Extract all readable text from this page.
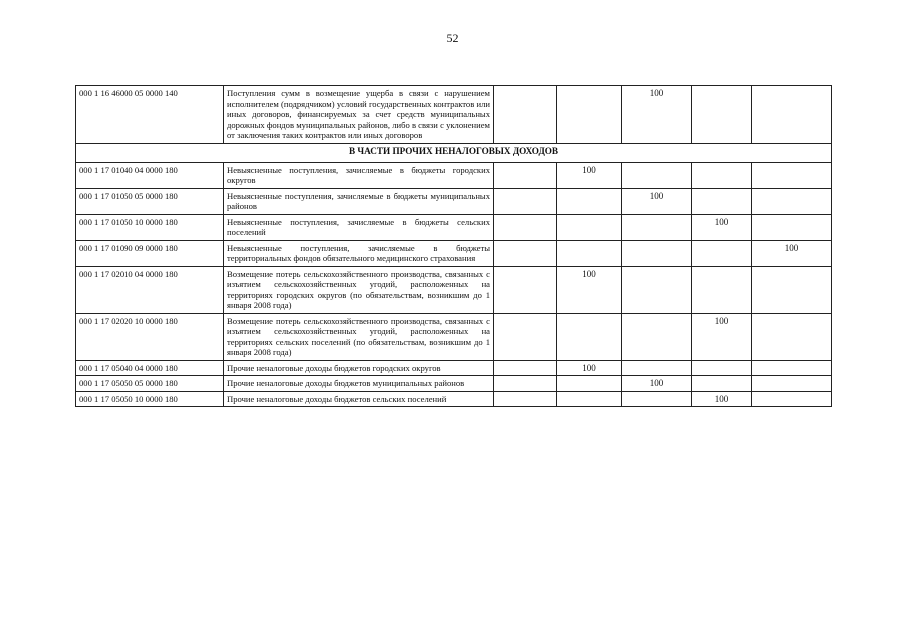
52
000 1 16 46000 05 0000 140	Поступления сумм в возмещение ущерба в связи с нарушением исполнителем (подрядчиком) условий государственных контрактов или иных договоров, финансируемых за счет средств муниципальных дорожных фондов муниципальных районов, либо в связи с уклонением от заключения таких контрактов или иных договоров			100		
В ЧАСТИ ПРОЧИХ НЕНАЛОГОВЫХ ДОХОДОВ						
000 1 17 01040 04 0000 180	Невыясненные поступления, зачисляемые в бюджеты городских округов		100			
000 1 17 01050 05 0000 180	Невыясненные поступления, зачисляемые в бюджеты муниципальных районов			100		
000 1 17 01050 10 0000 180	Невыясненные поступления, зачисляемые в бюджеты сельских поселений				100	
000 1 17 01090 09 0000 180	Невыясненные поступления, зачисляемые в бюджеты территориальных фондов обязательного медицинского страхования					100
000 1 17 02010 04 0000 180	Возмещение потерь сельскохозяйственного производства, связанных с изъятием сельскохозяйственных угодий, расположенных на территориях городских округов (по обязательствам, возникшим до 1 января 2008 года)		100			
000 1 17 02020 10 0000 180	Возмещение потерь сельскохозяйственного производства, связанных с изъятием сельскохозяйственных угодий, расположенных на территориях сельских поселений (по обязательствам, возникшим до 1 января 2008 года)				100	
000 1 17 05040 04 0000 180	Прочие неналоговые доходы бюджетов городских округов		100			
000 1 17 05050 05 0000 180	Прочие неналоговые доходы бюджетов муниципальных районов			100		
000 1 17 05050 10 0000 180	Прочие неналоговые доходы бюджетов сельских поселений				100	
